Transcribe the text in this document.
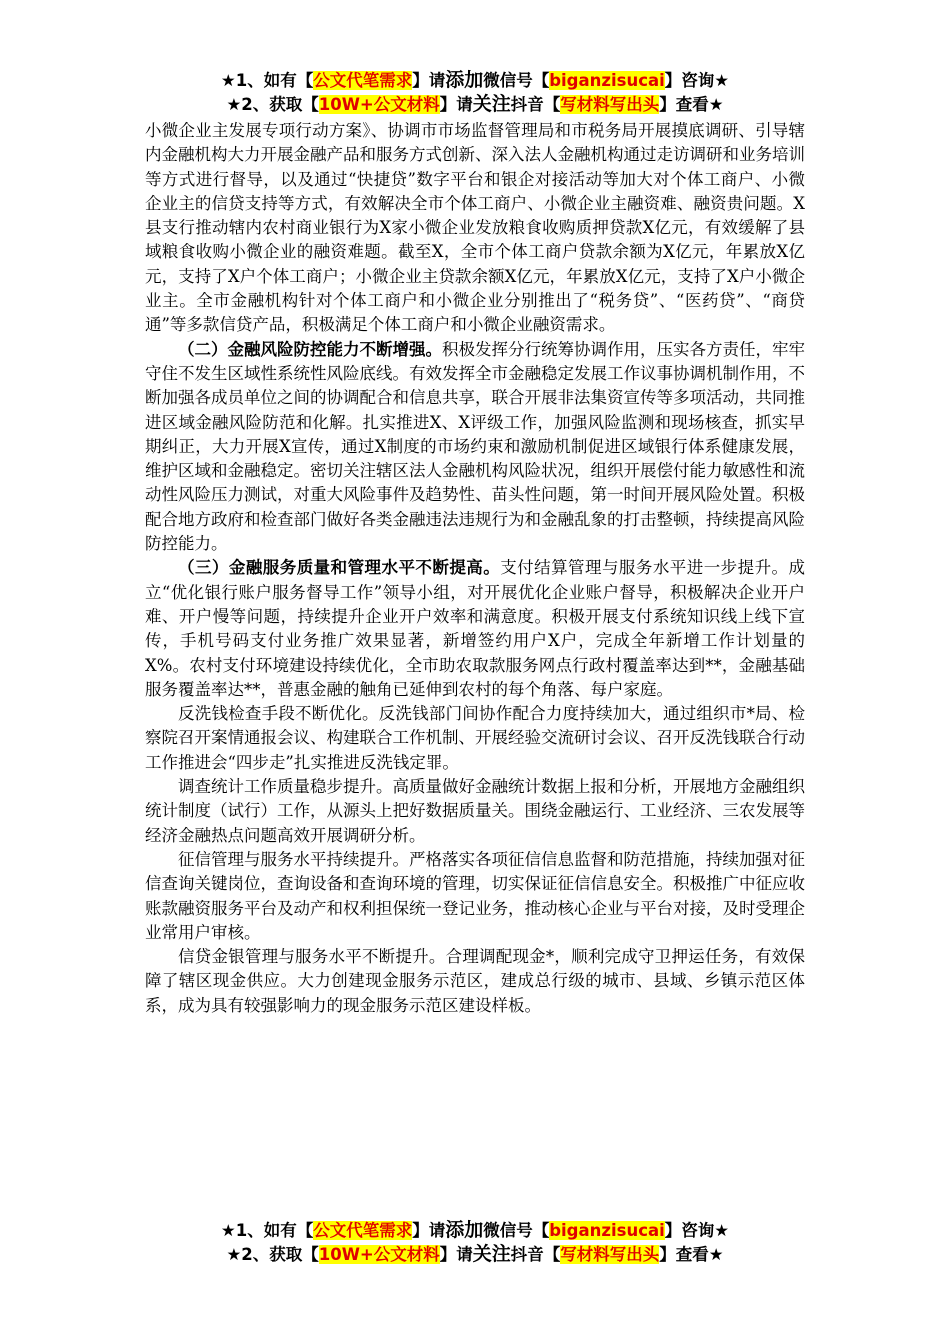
★1、如有【公文代笔需求】请添加微信号【biganzisucai】咨询★
★2、获取【10W+公文材料】请关注抖音【写材料写出头】查看★

小微企业主发展专项行动方案》、协调市市场监督管理局和市税务局开展摸底调研、引导辖内金融机构大力开展金融产品和服务方式创新、深入法人金融机构通过走访调研和业务培训等方式进行督导，以及通过“快捷贷”数字平台和银企对接活动等加大对个体工商户、小微企业主的信贷支持等方式，有效解决全市个体工商户、小微企业主融资难、融资贵问题。X县支行推动辖内农村商业银行为X家小微企业发放粮食收购质押贷款X亿元，有效缓解了县域粮食收购小微企业的融资难题。截至X，全市个体工商户贷款余额为X亿元，年累放X亿元，支持了X户个体工商户；小微企业主贷款余额X亿元，年累放X亿元，支持了X户小微企业主。全市金融机构针对个体工商户和小微企业分别推出了“税务贷”、“医药贷”、“商贷通”等多款信贷产品，积极满足个体工商户和小微企业融资需求。

（二）金融风险防控能力不断增强。积极发挥分行统筹协调作用，压实各方责任，牢牢守住不发生区域性系统性风险底线。有效发挥全市金融稳定发展工作议事协调机制作用，不断加强各成员单位之间的协调配合和信息共享，联合开展非法集资宣传等多项活动，共同推进区域金融风险防范和化解。扎实推进X、X评级工作，加强风险监测和现场核查，抓实早期纠正，大力开展X宣传，通过X制度的市场约束和激励机制促进区域银行体系健康发展，维护区域和金融稳定。密切关注辖区法人金融机构风险状况，组织开展偿付能力敏感性和流动性风险压力测试，对重大风险事件及趋势性、苗头性问题，第一时间开展风险处置。积极配合地方政府和检查部门做好各类金融违法违规行为和金融乱象的打击整顿，持续提高风险防控能力。

（三）金融服务质量和管理水平不断提高。支付结算管理与服务水平进一步提升。成立“优化银行账户服务督导工作”领导小组，对开展优化企业账户督导，积极解决企业开户难、开户慢等问题，持续提升企业开户效率和满意度。积极开展支付系统知识线上线下宣传，手机号码支付业务推广效果显著，新增签约用户X户，完成全年新增工作计划量的X%。农村支付环境建设持续优化，全市助农取款服务网点行政村覆盖率达到**，金融基础服务覆盖率达**，普惠金融的触角已延伸到农村的每个角落、每户家庭。

反洗钱检查手段不断优化。反洗钱部门间协作配合力度持续加大，通过组织市*局、检察院召开案情通报会议、构建联合工作机制、开展经验交流研讨会议、召开反洗钱联合行动工作推进会“四步走”扎实推进反洗钱定罪。

调查统计工作质量稳步提升。高质量做好金融统计数据上报和分析，开展地方金融组织统计制度（试行）工作，从源头上把好数据质量关。围绕金融运行、工业经济、三农发展等经济金融热点问题高效开展调研分析。

征信管理与服务水平持续提升。严格落实各项征信信息监督和防范措施，持续加强对征信查询关键岗位，查询设备和查询环境的管理，切实保证征信信息安全。积极推广中征应收账款融资服务平台及动产和权利担保统一登记业务，推动核心企业与平台对接，及时受理企业常用户审核。

信贷金银管理与服务水平不断提升。合理调配现金*，顺利完成守卫押运任务，有效保障了辖区现金供应。大力创建现金服务示范区，建成总行级的城市、县域、乡镇示范区体系，成为具有较强影响力的现金服务示范区建设样板。

★1、如有【公文代笔需求】请添加微信号【biganzisucai】咨询★
★2、获取【10W+公文材料】请关注抖音【写材料写出头】查看★
